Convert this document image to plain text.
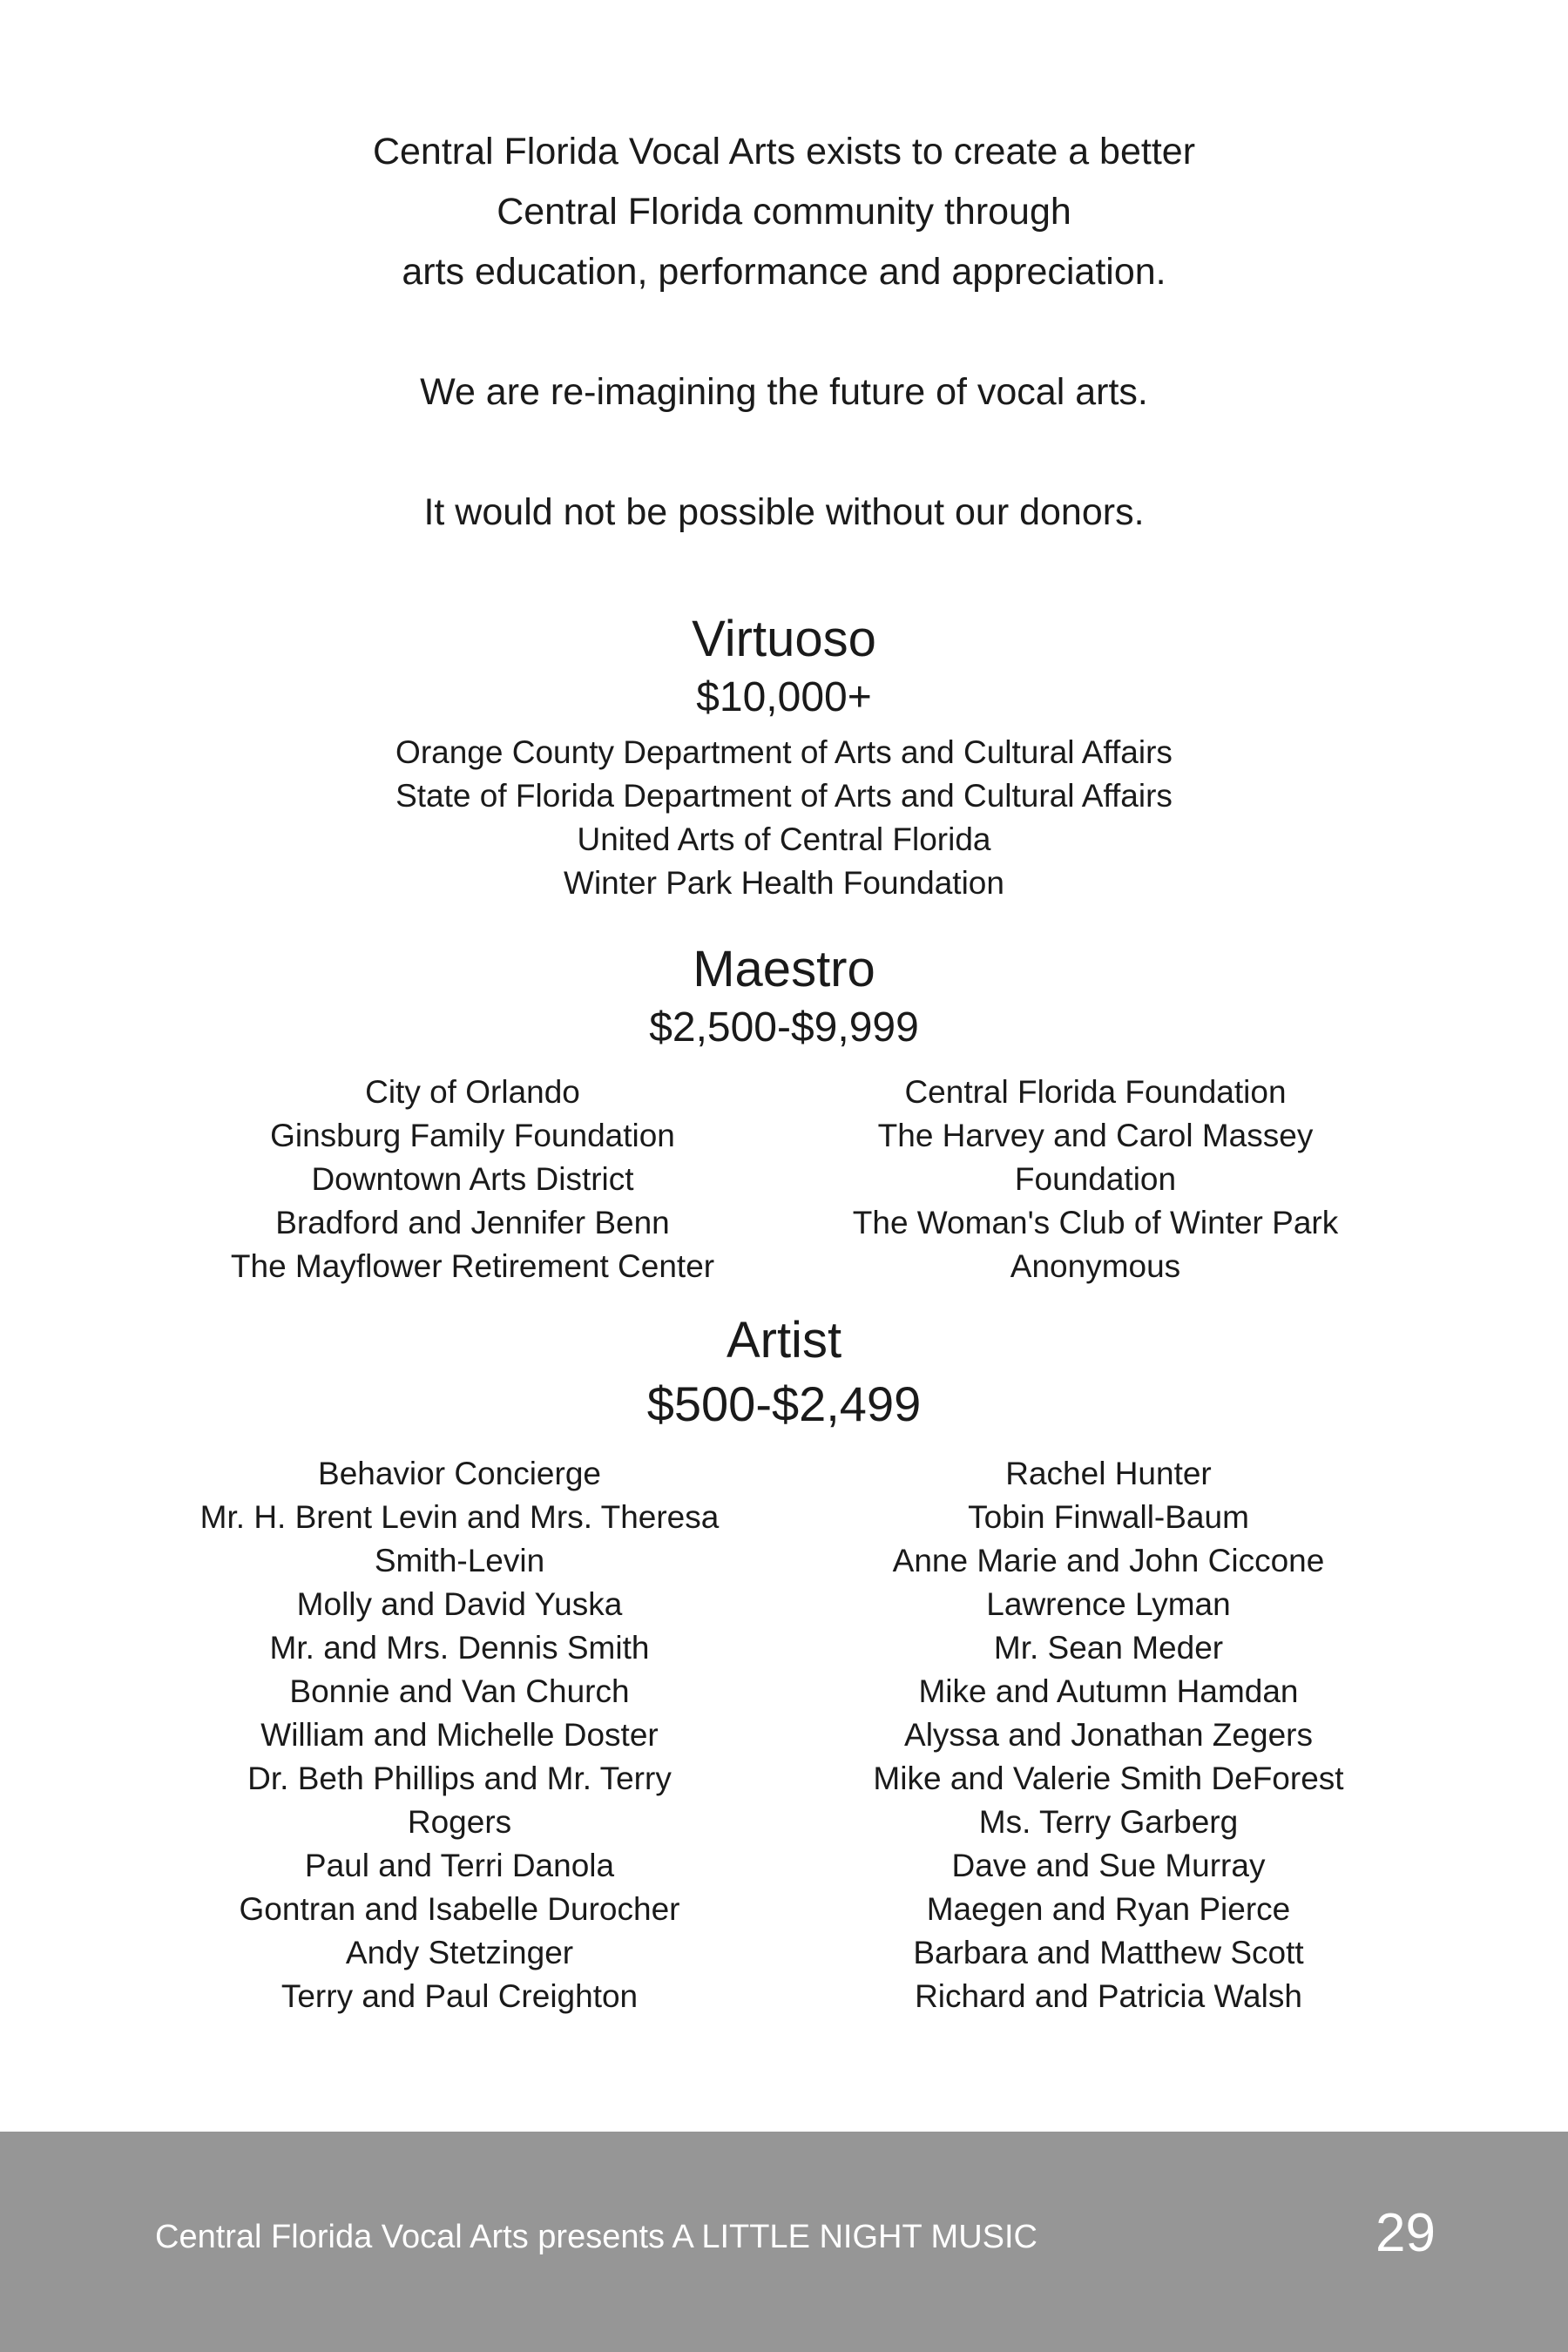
Central Florida Vocal Arts exists to create a better

Central Florida community through

arts education, performance and appreciation.

We are re-imagining the future of vocal arts.

It would not be possible without our donors.

Virtuoso
$10,000+
Orange County Department of Arts and Cultural Affairs
State of Florida Department of Arts and Cultural Affairs
United Arts of Central Florida
Winter Park Health Foundation
Maestro
$2,500-$9,999
City of Orlando
Ginsburg Family Foundation
Downtown Arts District
Bradford and Jennifer Benn
The Mayflower Retirement Center
Central Florida Foundation
The Harvey and Carol Massey
Foundation
The Woman's Club of Winter Park
Anonymous
Artist
$500-$2,499
Behavior Concierge
Mr. H. Brent Levin and Mrs. Theresa
Smith-Levin
Molly and David Yuska
Mr. and Mrs. Dennis Smith
Bonnie and Van Church
William and Michelle Doster
Dr. Beth Phillips and Mr. Terry
Rogers
Paul and Terri Danola
Gontran and Isabelle Durocher
Andy Stetzinger
Terry and Paul Creighton
Rachel Hunter
Tobin Finwall-Baum
Anne Marie and John Ciccone
Lawrence Lyman
Mr. Sean Meder
Mike and Autumn Hamdan
Alyssa and Jonathan Zegers
Mike and Valerie Smith DeForest
Ms. Terry Garberg
Dave and Sue Murray
Maegen and Ryan Pierce
Barbara and Matthew Scott
Richard and Patricia Walsh
Central Florida Vocal Arts presents A LITTLE NIGHT MUSIC	29
